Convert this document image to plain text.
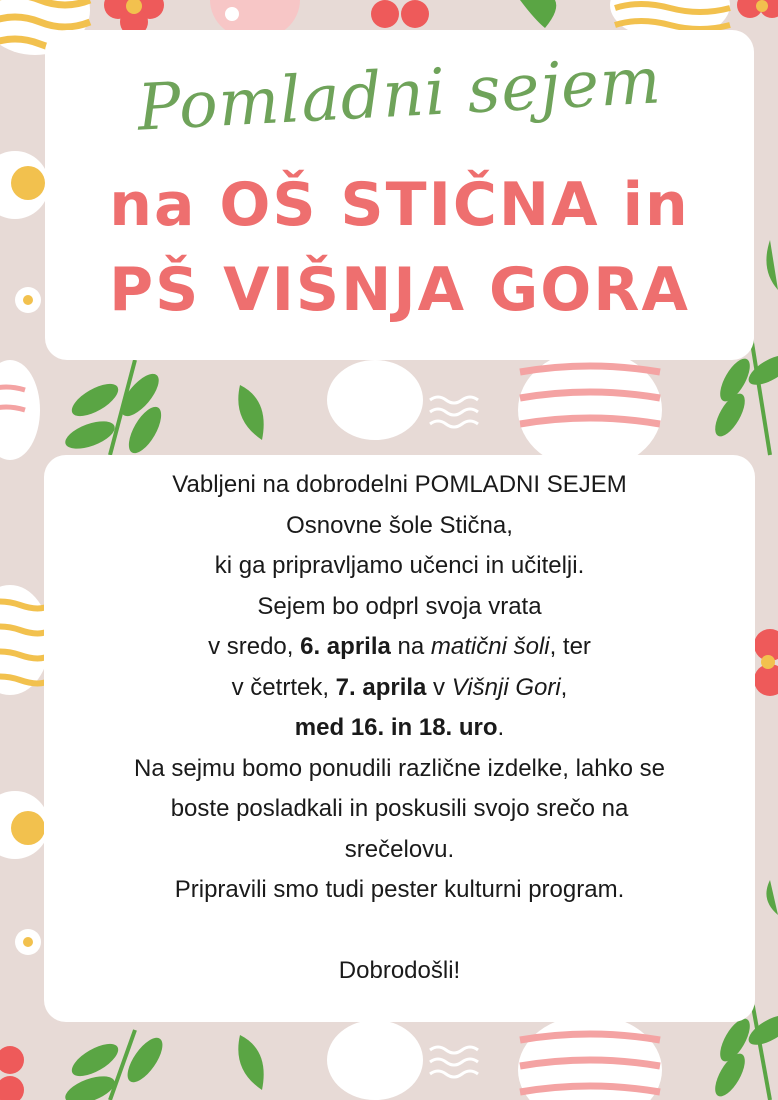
Pomladni sejem
na OŠ STIČNA in
PŠ VIŠNJA GORA
Vabljeni na dobrodelni POMLADNI SEJEM
Osnovne šole Stična,
ki ga pripravljamo učenci in učitelji.
Sejem bo odprl svoja vrata
v sredo, 6. aprila na matični šoli, ter
v četrtek, 7. aprila v Višnji Gori,
med 16. in 18. uro.
Na sejmu bomo ponudili različne izdelke, lahko se
boste posladkali in poskusili svojo srečo na
srečelovu.
Pripravili smo tudi pester kulturni program.
Dobrodošli!
